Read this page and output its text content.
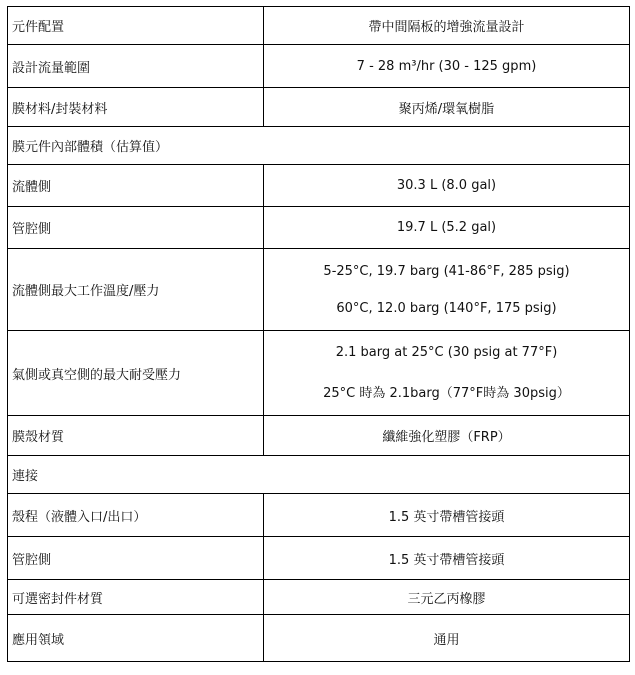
元件配置	帶中間隔板的增強流量設計
設計流量範圍	7 - 28 m³/hr (30 - 125 gpm)
膜材料/封裝材料	聚丙烯/環氧樹脂
膜元件內部體積（估算值）	
流體側	30.3 L (8.0 gal)
管腔側	19.7 L (5.2 gal)
流體側最大工作溫度/壓力	5-25°C, 19.7 barg (41-86°F, 285 psig)
60°C, 12.0 barg (140°F, 175 psig)

氣側或真空側的最大耐受壓力	2.1 barg at 25°C (30 psig at 77°F)
25°C 時為 2.1barg（77°F時為 30psig）

膜殼材質	纖維強化塑膠（FRP）
連接	
殼程（液體入口/出口）	1.5 英寸帶槽管接頭
管腔側	1.5 英寸帶槽管接頭
可選密封件材質	三元乙丙橡膠
應用領域	通用
